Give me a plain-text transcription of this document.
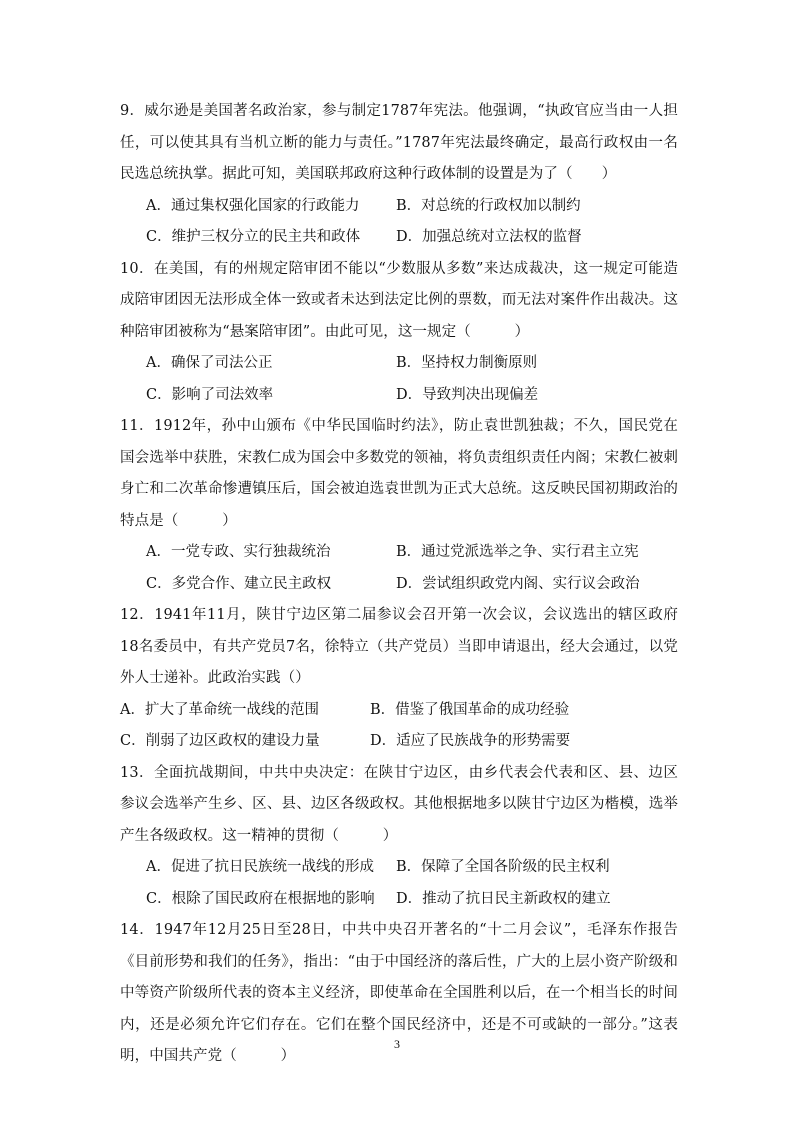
9．威尔逊是美国著名政治家，参与制定1787年宪法。他强调，“执政官应当由一人担任，可以使其具有当机立断的能力与责任。”1787年宪法最终确定，最高行政权由一名民选总统执掌。据此可知，美国联邦政府这种行政体制的设置是为了（　　）

A．通过集权强化国家的行政能力	B．对总统的行政权加以制约
C．维护三权分立的民主共和政体	D．加强总统对立法权的监督

10．在美国，有的州规定陪审团不能以“少数服从多数”来达成裁决，这一规定可能造成陪审团因无法形成全体一致或者未达到法定比例的票数，而无法对案件作出裁决。这种陪审团被称为“悬案陪审团”。由此可见，这一规定（　　　）

A．确保了司法公正	B．坚持权力制衡原则
C．影响了司法效率	D．导致判决出现偏差

11．1912年，孙中山颁布《中华民国临时约法》，防止袁世凯独裁；不久，国民党在国会选举中获胜，宋教仁成为国会中多数党的领袖，将负责组织责任内阁；宋教仁被刺身亡和二次革命惨遭镇压后，国会被迫选袁世凯为正式大总统。这反映民国初期政治的特点是（　　　）

A．一党专政、实行独裁统治	B．通过党派选举之争、实行君主立宪
C．多党合作、建立民主政权	D．尝试组织政党内阁、实行议会政治

12．1941年11月，陕甘宁边区第二届参议会召开第一次会议，会议选出的辖区政府18名委员中，有共产党员7名，徐特立（共产党员）当即申请退出，经大会通过，以党外人士递补。此政治实践（）

A．扩大了革命统一战线的范围	B．借鉴了俄国革命的成功经验
C．削弱了边区政权的建设力量	D．适应了民族战争的形势需要

13．全面抗战期间，中共中央决定：在陕甘宁边区，由乡代表会代表和区、县、边区参议会选举产生乡、区、县、边区各级政权。其他根据地多以陕甘宁边区为楷模，选举产生各级政权。这一精神的贯彻（　　　）

A．促进了抗日民族统一战线的形成	B．保障了全国各阶级的民主权利
C．根除了国民政府在根据地的影响	D．推动了抗日民主新政权的建立

14．1947年12月25日至28日，中共中央召开著名的“十二月会议”，毛泽东作报告《目前形势和我们的任务》，指出：“由于中国经济的落后性，广大的上层小资产阶级和中等资产阶级所代表的资本主义经济，即使革命在全国胜利以后，在一个相当长的时间内，还是必须允许它们存在。它们在整个国民经济中，还是不可或缺的一部分。”这表明，中国共产党（　　　）

3
